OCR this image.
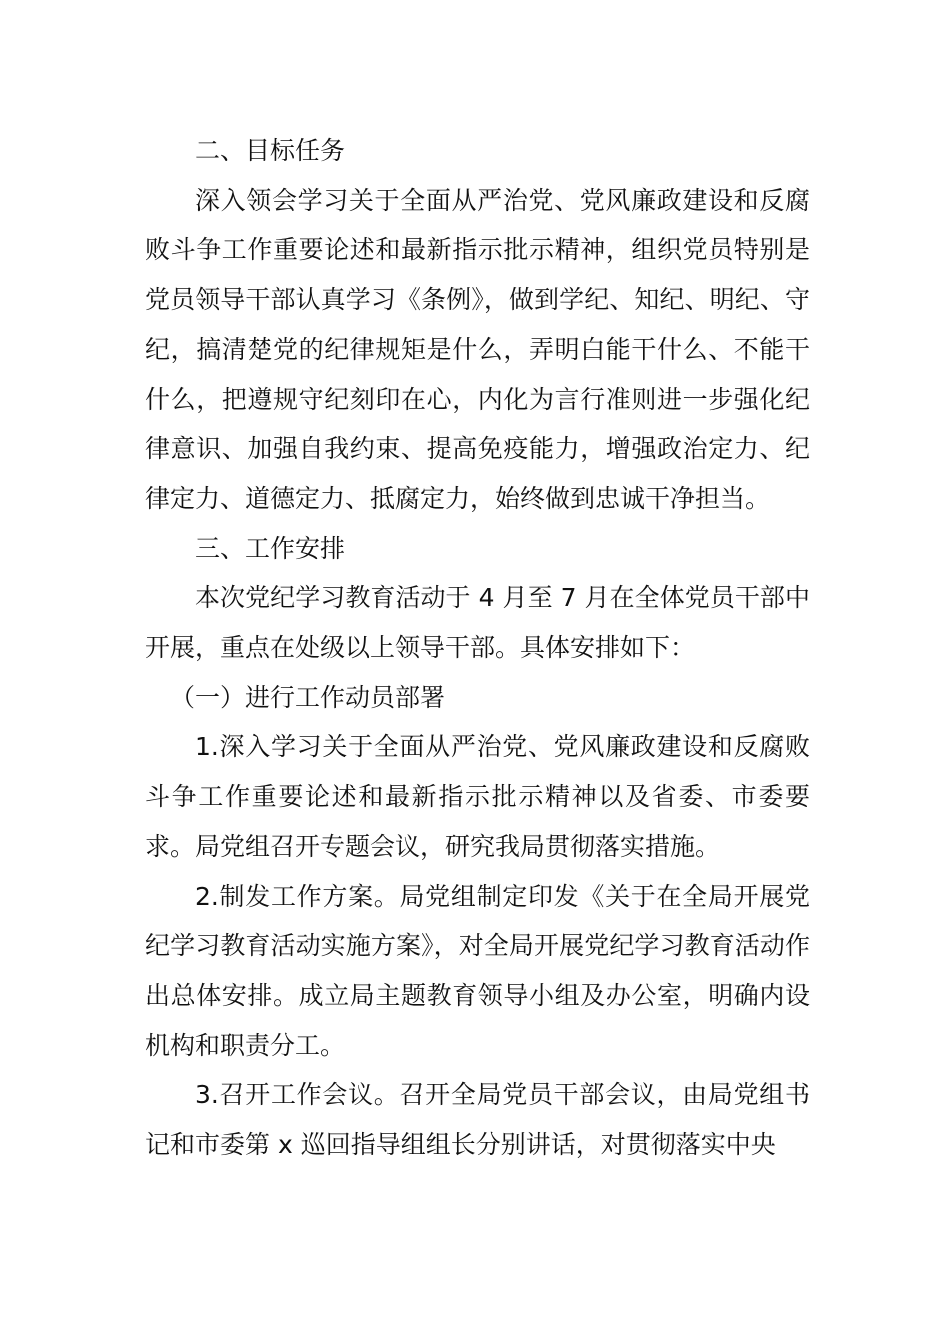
二、目标任务

深入领会学习关于全面从严治党、党风廉政建设和反腐败斗争工作重要论述和最新指示批示精神，组织党员特别是党员领导干部认真学习《条例》，做到学纪、知纪、明纪、守纪，搞清楚党的纪律规矩是什么，弄明白能干什么、不能干什么，把遵规守纪刻印在心，内化为言行准则进一步强化纪律意识、加强自我约束、提高免疫能力，增强政治定力、纪律定力、道德定力、抵腐定力，始终做到忠诚干净担当。

三、工作安排

本次党纪学习教育活动于 4 月至 7 月在全体党员干部中开展，重点在处级以上领导干部。具体安排如下：

（一）进行工作动员部署

1.深入学习关于全面从严治党、党风廉政建设和反腐败斗争工作重要论述和最新指示批示精神以及省委、市委要求。局党组召开专题会议，研究我局贯彻落实措施。

2.制发工作方案。局党组制定印发《关于在全局开展党纪学习教育活动实施方案》，对全局开展党纪学习教育活动作出总体安排。成立局主题教育领导小组及办公室，明确内设机构和职责分工。

3.召开工作会议。召开全局党员干部会议，由局党组书记和市委第 x 巡回指导组组长分别讲话，对贯彻落实中央
